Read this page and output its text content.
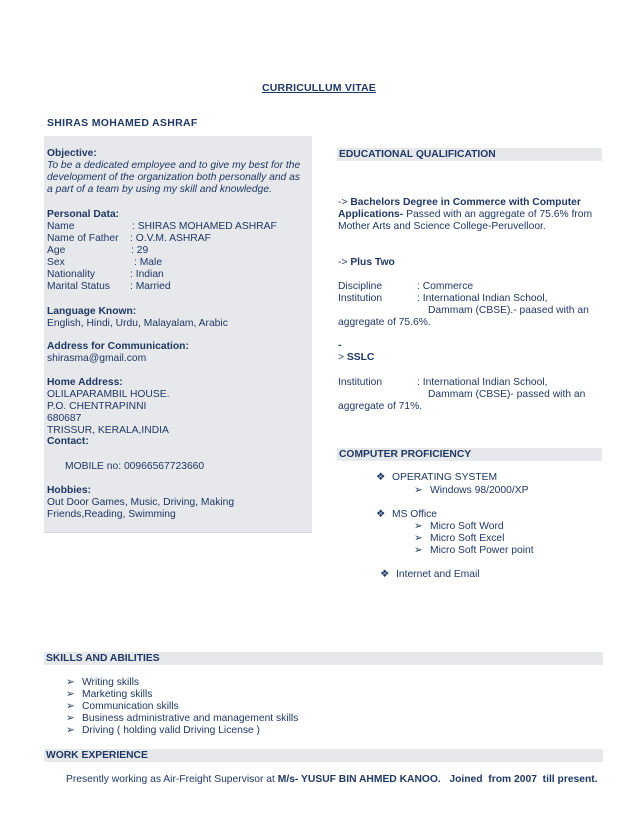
CURRICULLUM VITAE
SHIRAS MOHAMED ASHRAF
Objective:
To be a dedicated employee and to give my best for the
development of the organization both personally and as
a part of a team by using my skill and knowledge.
Personal Data:
Name	: SHIRAS MOHAMED ASHRAF
Name of Father : O.V.M. ASHRAF
Age	: 29
Sex	: Male
Nationality	: Indian
Marital Status : Married
Language Known:
English, Hindi, Urdu, Malayalam, Arabic
Address for Communication:
shirasma@gmail.com
Home Address:
OLILAPARAMBIL HOUSE.
P.O. CHENTRAPINNI
680687
TRISSUR, KERALA,INDIA
Contact:
MOBILE no: 00966567723660
Hobbies:
Out Door Games, Music, Driving, Making
Friends,Reading, Swimming
EDUCATIONAL QUALIFICATION
-> Bachelors Degree in Commerce with Computer
Applications- Passed with an aggregate of 75.6% from
Mother Arts and Science College-Peruvelloor.
-> Plus Two
Discipline	: Commerce
Institution	: International Indian School,
Dammam (CBSE).- paased with an
aggregate of 75.6%.
-
> SSLC
Institution	: International Indian School,
Dammam (CBSE)- passed with an
aggregate of 71%.
COMPUTER PROFICIENCY
❖ OPERATING SYSTEM
➢ Windows 98/2000/XP
❖ MS Office
➢ Micro Soft Word
➢ Micro Soft Excel
➢ Micro Soft Power point
❖ Internet and Email
SKILLS AND ABILITIES
➢ Writing skills
➢ Marketing skills
➢ Communication skills
➢ Business administrative and management skills
➢ Driving ( holding valid Driving License )
WORK EXPERIENCE
Presently working as Air-Freight Supervisor at M/s- YUSUF BIN AHMED KANOO.   Joined  from 2007  till present.
